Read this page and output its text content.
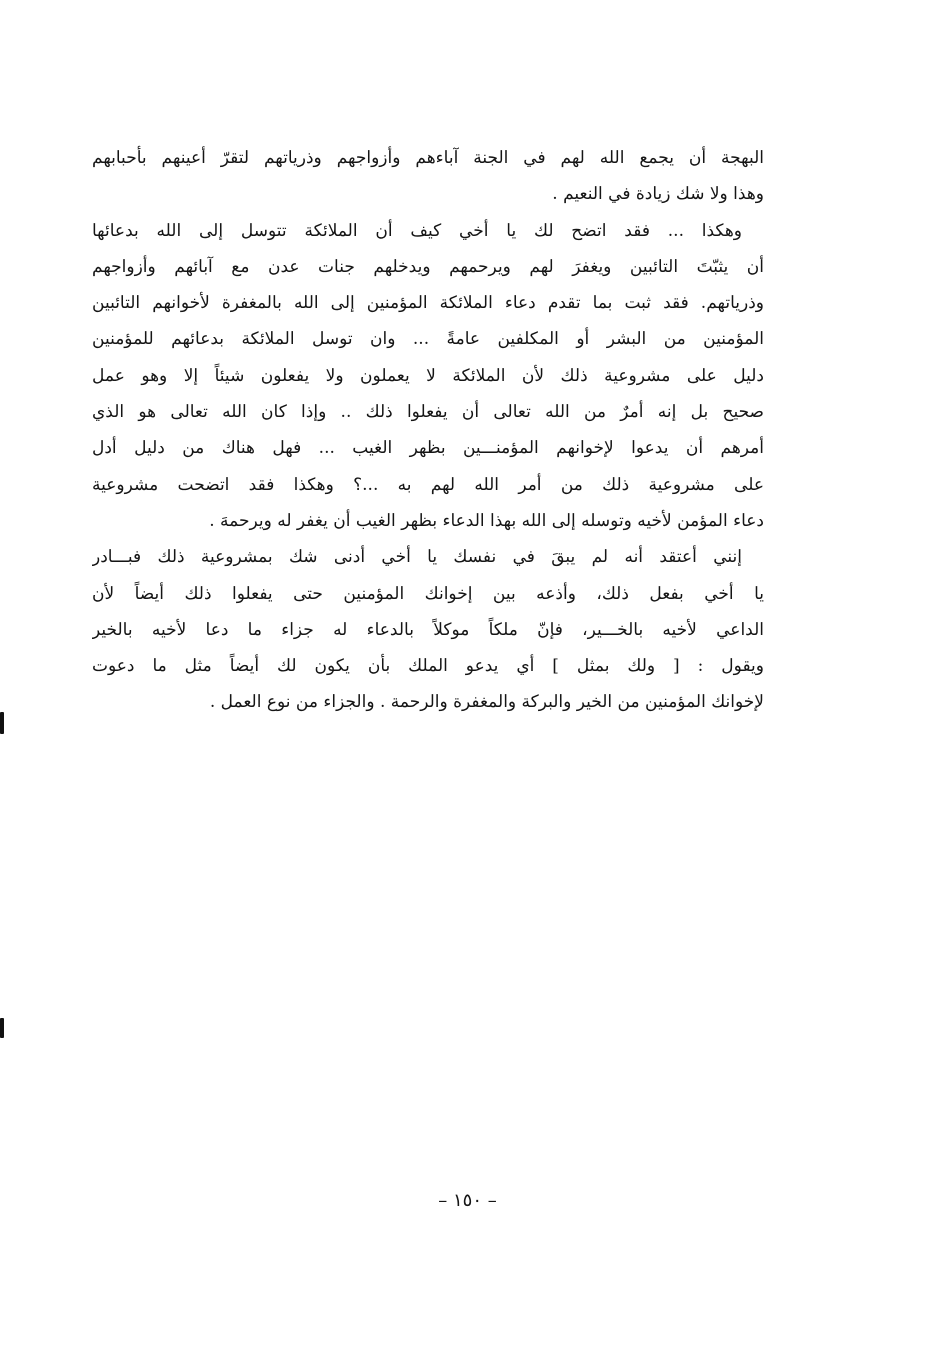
البهجة أن يجمع الله لهم في الجنة آباءهم وأزواجهم وذرياتهم لتقرّ أعينهم بأحبابهم
وهذا ولا شك زيادة في النعيم .
وهكذا ... فقد اتضح لك يا أخي كيف أن الملائكة تتوسل إلى الله بدعائها
أن يثبّتَ التائبين ويغفرَ لهم ويرحمهم ويدخلهم جنات عدن مع آبائهم وأزواجهم
وذرياتهم. فقد ثبت بما تقدم دعاء الملائكة المؤمنين إلى الله بالمغفرة لأخوانهم التائبين
المؤمنين من البشر أو المكلفين عامةً ... وان توسل الملائكة بدعائهم للمؤمنين
دليل على مشروعية ذلك لأن الملائكة لا يعملون ولا يفعلون شيئاً إلا وهو عمل
صحيح بل إنه أمرٌ من الله تعالى أن يفعلوا ذلك .. وإذا كان الله تعالى هو الذي
أمرهم أن يدعوا لإخوانهم المؤمنـــين بظهر الغيب ... فهل هناك من دليل أدل
على مشروعية ذلك من أمر الله لهم به ...؟ وهكذا فقد اتضحت مشروعية
دعاء المؤمن لأخيه وتوسله إلى الله بهذا الدعاء بظهر الغيب أن يغفر له ويرحمهَ .
إنني أعتقد أنه لم يبقَ في نفسك يا أخي أدنى شك بمشروعية ذلك فبـــادر
يا أخي بفعل ذلك، وأذعه بين إخوانك المؤمنين حتى يفعلوا ذلك أيضاً لأن
الداعي لأخيه بالخـــير، فإنّ ملكاً موكلاً بالدعاء له جزاء ما دعا لأخيه بالخير
ويقول : [ ولك بمثل ] أي يدعو الملك بأن يكون لك أيضاً مثل ما دعوت
لإخوانك المؤمنين من الخير والبركة والمغفرة والرحمة . والجزاء من نوع العمل .
– ١٥٠ –
